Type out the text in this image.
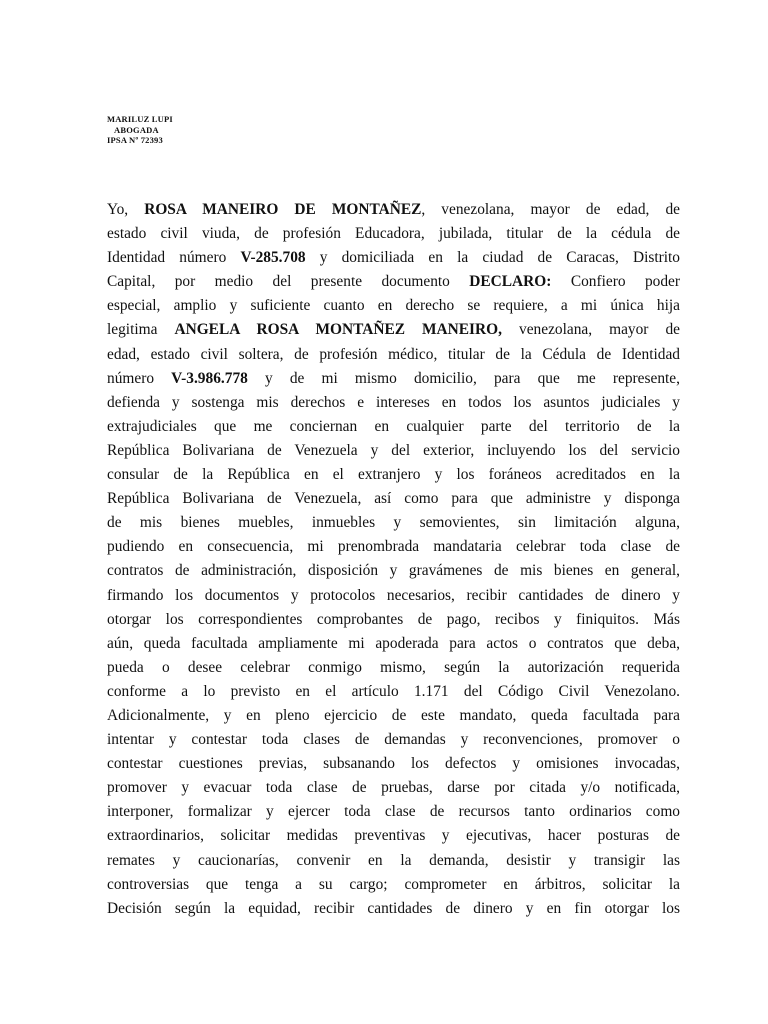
MARILUZ LUPI
ABOGADA
IPSA Nº 72393
Yo, ROSA MANEIRO DE MONTAÑEZ, venezolana, mayor de edad, de
estado civil viuda, de profesión Educadora, jubilada, titular de la cédula de
Identidad número V-285.708 y domiciliada en la ciudad de Caracas, Distrito
Capital, por medio del presente documento DECLARO: Confiero poder
especial, amplio y suficiente cuanto en derecho se requiere, a mi única hija
legitima ANGELA ROSA MONTAÑEZ MANEIRO, venezolana, mayor de
edad, estado civil soltera, de profesión médico, titular de la Cédula de Identidad
número V-3.986.778 y de mi mismo domicilio, para que me represente,
defienda y sostenga mis derechos e intereses en todos los asuntos judiciales y
extrajudiciales que me conciernan en cualquier parte del territorio de la
República Bolivariana de Venezuela y del exterior, incluyendo los del servicio
consular de la República en el extranjero y los foráneos acreditados en la
República Bolivariana de Venezuela, así como para que administre y disponga
de mis bienes muebles, inmuebles y semovientes, sin limitación alguna,
pudiendo en consecuencia, mi prenombrada mandataria celebrar toda clase de
contratos de administración, disposición y gravámenes de mis bienes en general,
firmando los documentos y protocolos necesarios, recibir cantidades de dinero y
otorgar los correspondientes comprobantes de pago, recibos y finiquitos. Más
aún, queda facultada ampliamente mi apoderada para actos o contratos que deba,
pueda o desee celebrar conmigo mismo, según la autorización requerida
conforme a lo previsto en el artículo 1.171 del Código Civil Venezolano.
Adicionalmente, y en pleno ejercicio de este mandato, queda facultada para
intentar y contestar toda clases de demandas y reconvenciones, promover o
contestar cuestiones previas, subsanando los defectos y omisiones invocadas,
promover y evacuar toda clase de pruebas, darse por citada y/o notificada,
interponer, formalizar y ejercer toda clase de recursos tanto ordinarios como
extraordinarios, solicitar medidas preventivas y ejecutivas, hacer posturas de
remates y caucionarías, convenir en la demanda, desistir y transigir las
controversias que tenga a su cargo; comprometer en árbitros, solicitar la
Decisión según la equidad, recibir cantidades de dinero y en fin otorgar los
